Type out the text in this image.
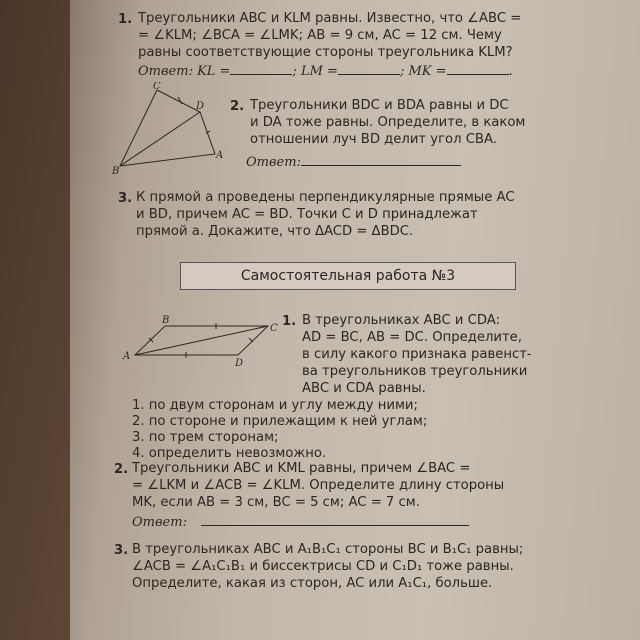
1. Треугольники ABC и KLM равны. Известно, что ∠ABC =
= ∠KLM; ∠BCA = ∠LMK; AB = 9 см, AC = 12 см. Чему
равны соответствующие стороны треугольника KLM?
Ответ: KL =	; LM =	; MK =	.
C
D
A
B
2. Треугольники BDC и BDA равны и DC
и DA тоже равны. Определите, в каком
отношении луч BD делит угол CBA.
Ответ:
3. К прямой a проведены перпендикулярные прямые AC
и BD, причем AC = BD. Точки C и D принадлежат
прямой a. Докажите, что ΔACD = ΔBDC.
Самостоятельная работа №3
B
C
A
D
1. В треугольниках ABC и CDA:
AD = BC, AB = DC. Определите,
в силу какого признака равенст-
ва треугольников треугольники
ABC и CDA равны.
1. по двум сторонам и углу между ними;
2. по стороне и прилежащим к ней углам;
3. по трем сторонам;
4. определить невозможно.
2. Треугольники ABC и KML равны, причем ∠BAC =
= ∠LKM и ∠ACB = ∠KLM. Определите длину стороны
MK, если AB = 3 см, BC = 5 см; AC = 7 см.
Ответ:
3. В треугольниках ABC и A₁B₁C₁ стороны BC и B₁C₁ равны;
∠ACB = ∠A₁C₁B₁ и биссектрисы CD и C₁D₁ тоже равны.
Определите, какая из сторон, AC или A₁C₁, больше.
